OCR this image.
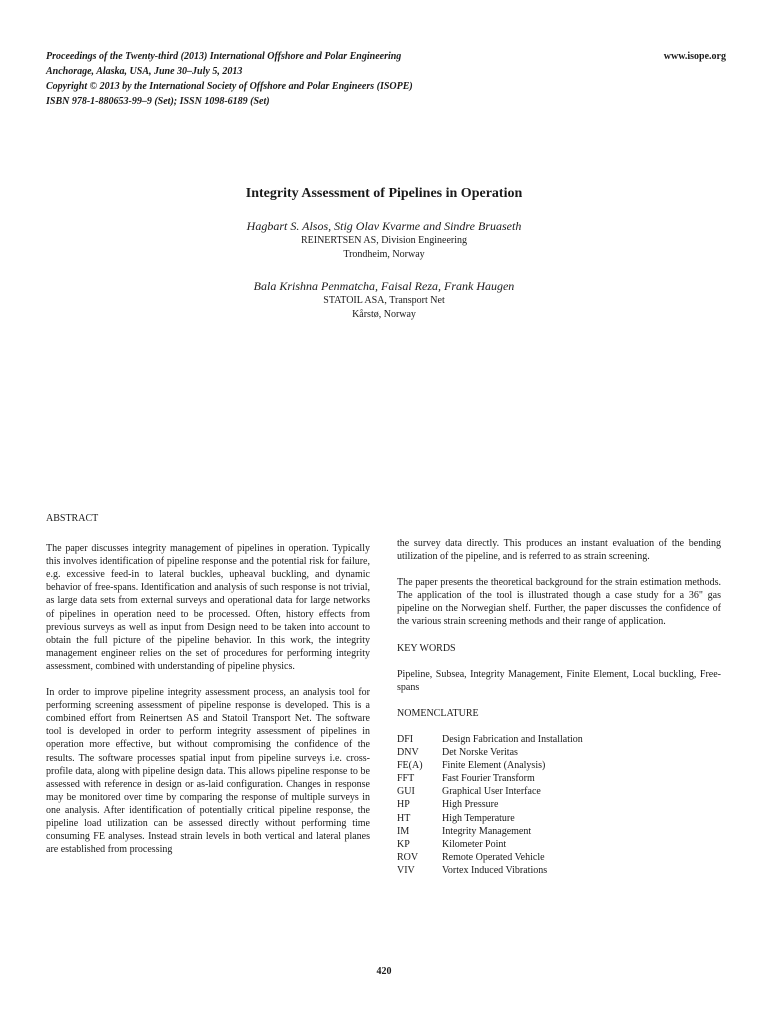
Proceedings of the Twenty-third (2013) International Offshore and Polar Engineering
Anchorage, Alaska, USA, June 30–July 5, 2013
Copyright © 2013 by the International Society of Offshore and Polar Engineers (ISOPE)
ISBN 978-1-880653-99–9 (Set); ISSN 1098-6189 (Set)
www.isope.org
Integrity Assessment of Pipelines in Operation
Hagbart S. Alsos, Stig Olav Kvarme and Sindre Bruaseth
REINERTSEN AS, Division Engineering
Trondheim, Norway
Bala Krishna Penmatcha, Faisal Reza, Frank Haugen
STATOIL ASA, Transport Net
Kårstø, Norway

ABSTRACT

The paper discusses integrity management of pipelines in operation. Typically this involves identification of pipeline response and the potential risk for failure, e.g. excessive feed-in to lateral buckles, upheaval buckling, and dynamic behavior of free-spans. Identification and analysis of such response is not trivial, as large data sets from external surveys and operational data for large networks of pipelines in operation need to be processed. Often, history effects from previous surveys as well as input from Design need to be taken into account to obtain the full picture of the pipeline behavior. In this work, the integrity management engineer relies on the set of procedures for performing integrity assessment, combined with understanding of pipeline physics.

In order to improve pipeline integrity assessment process, an analysis tool for performing screening assessment of pipeline response is developed. This is a combined effort from Reinertsen AS and Statoil Transport Net. The software tool is developed in order to perform integrity assessment of pipelines in operation more effective, but without compromising the confidence of the results. The software processes spatial input from pipeline surveys i.e. cross-profile data, along with pipeline design data. This allows pipeline response to be assessed with reference in design or as-laid configuration. Changes in response may be monitored over time by comparing the response of multiple surveys in one analysis. After identification of potentially critical pipeline response, the pipeline load utilization can be assessed directly without performing time consuming FE analyses. Instead strain levels in both vertical and lateral planes are established from processing

the survey data directly. This produces an instant evaluation of the bending utilization of the pipeline, and is referred to as strain screening.

The paper presents the theoretical background for the strain estimation methods. The application of the tool is illustrated though a case study for a 36" gas pipeline on the Norwegian shelf. Further, the paper discusses the confidence of the various strain screening methods and their range of application.

KEY WORDS

Pipeline, Subsea, Integrity Management, Finite Element, Local buckling, Free-spans

NOMENCLATURE

DFI	Design Fabrication and Installation
DNV	Det Norske Veritas
FE(A)	Finite Element (Analysis)
FFT	Fast Fourier Transform
GUI	Graphical User Interface
HP	High Pressure
HT	High Temperature
IM	Integrity Management
KP	Kilometer Point
ROV	Remote Operated Vehicle
VIV	Vortex Induced Vibrations
420
